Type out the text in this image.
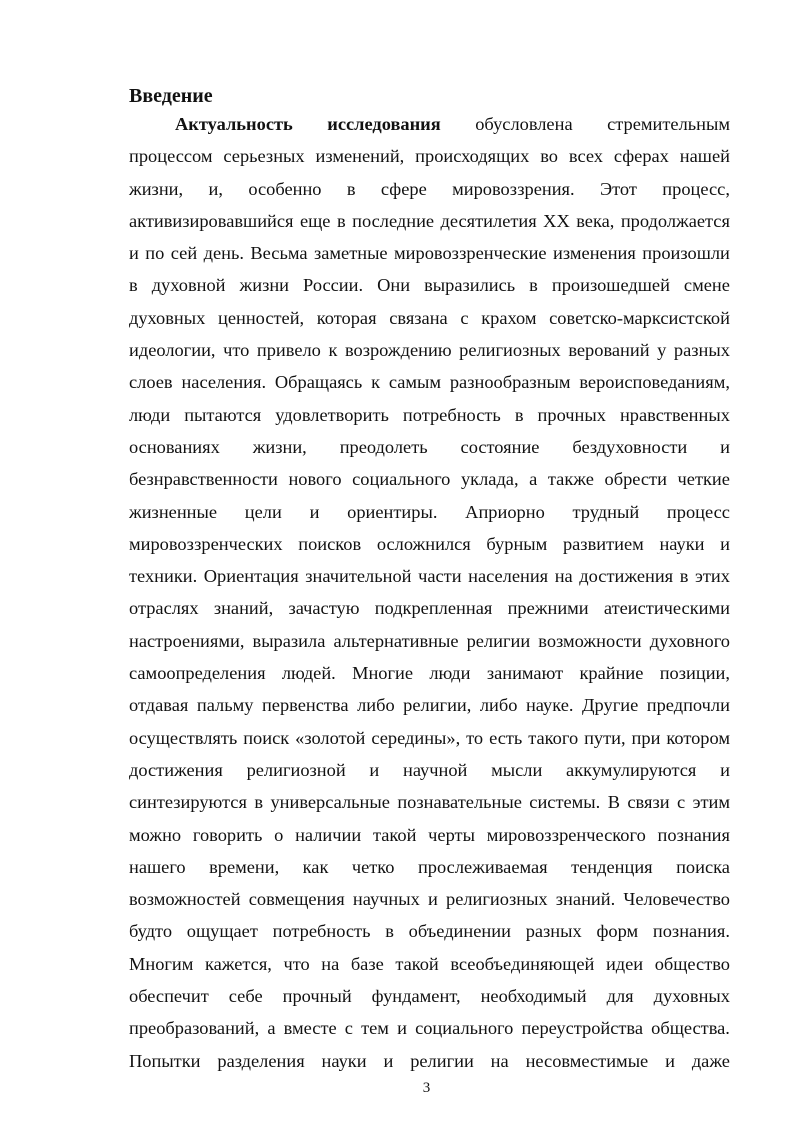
Введение
Актуальность исследования обусловлена стремительным
процессом серьезных изменений, происходящих во всех сферах нашей
жизни, и, особенно в сфере мировоззрения. Этот процесс,
активизировавшийся еще в последние десятилетия XX века, продолжается
и по сей день. Весьма заметные мировоззренческие изменения произошли
в духовной жизни России. Они выразились в произошедшей смене
духовных ценностей, которая связана с крахом советско-марксистской
идеологии, что привело к возрождению религиозных верований у разных
слоев населения. Обращаясь к самым разнообразным вероисповеданиям,
люди пытаются удовлетворить потребность в прочных нравственных
основаниях жизни, преодолеть состояние бездуховности и
безнравственности нового социального уклада, а также обрести четкие
жизненные цели и ориентиры. Априорно трудный процесс
мировоззренческих поисков осложнился бурным развитием науки и
техники. Ориентация значительной части населения на достижения в этих
отраслях знаний, зачастую подкрепленная прежними атеистическими
настроениями, выразила альтернативные религии возможности духовного
самоопределения людей. Многие люди занимают крайние позиции,
отдавая пальму первенства либо религии, либо науке. Другие предпочли
осуществлять поиск «золотой середины», то есть такого пути, при котором
достижения религиозной и научной мысли аккумулируются и
синтезируются в универсальные познавательные системы. В связи с этим
можно говорить о наличии такой черты мировоззренческого познания
нашего времени, как четко прослеживаемая тенденция поиска
возможностей совмещения научных и религиозных знаний. Человечество
будто ощущает потребность в объединении разных форм познания.
Многим кажется, что на базе такой всеобъединяющей идеи общество
обеспечит себе прочный фундамент, необходимый для духовных
преобразований, а вместе с тем и социального переустройства общества.
Попытки разделения науки и религии на несовместимые и даже
3
